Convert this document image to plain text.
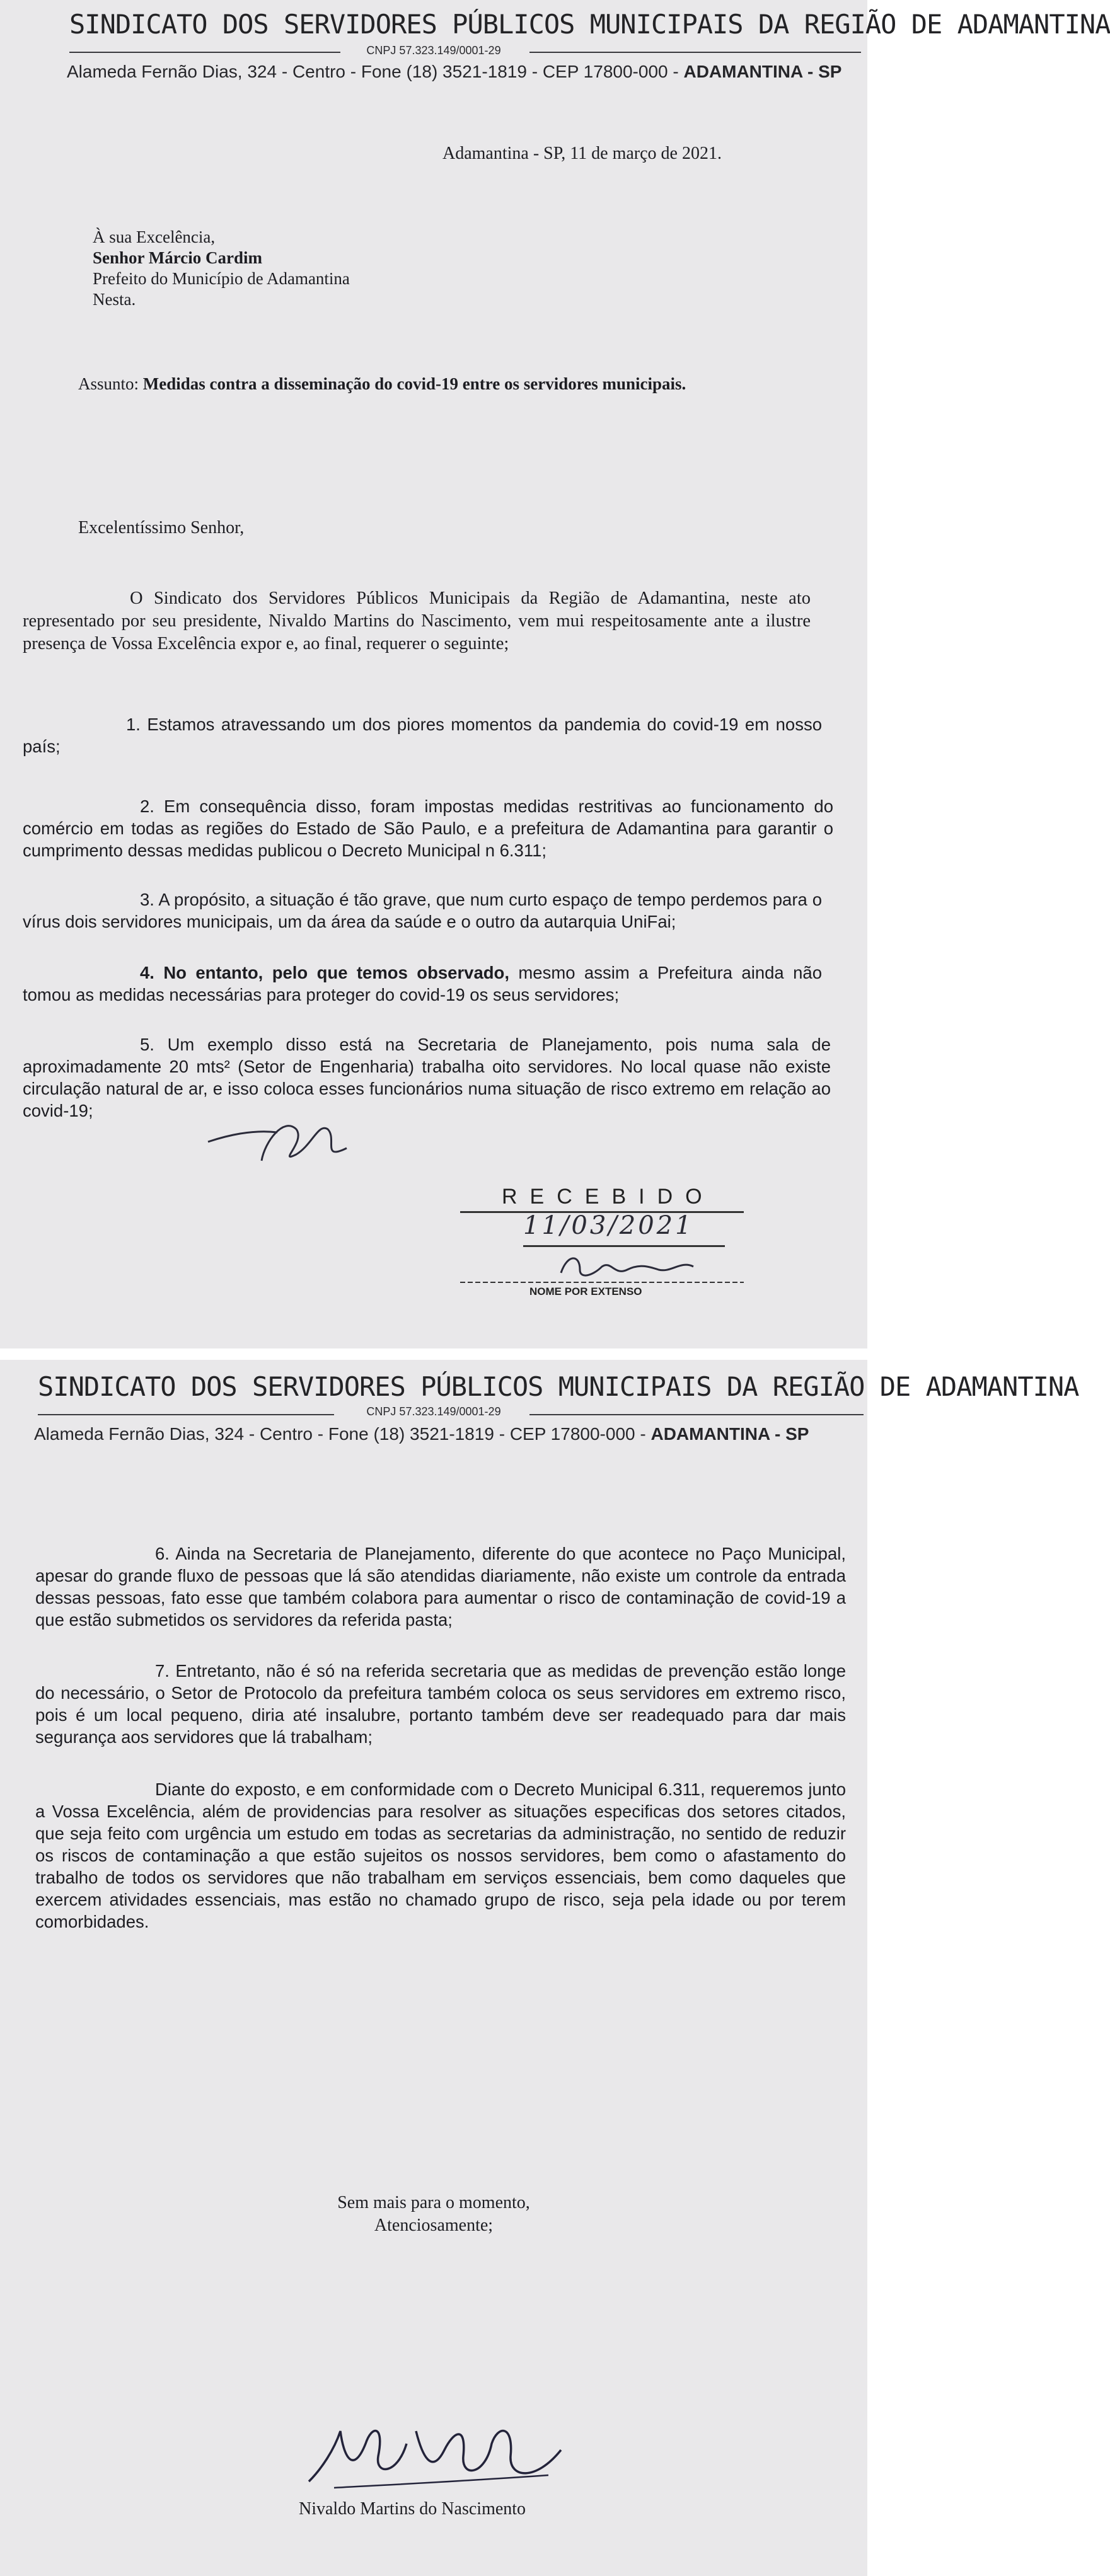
SINDICATO DOS SERVIDORES PÚBLICOS MUNICIPAIS DA REGIÃO DE ADAMANTINA
CNPJ 57.323.149/0001-29
Alameda Fernão Dias, 324 - Centro - Fone (18) 3521-1819 - CEP 17800-000 - ADAMANTINA - SP
Adamantina - SP, 11 de março de 2021.
À sua Excelência,
Senhor Márcio Cardim
Prefeito do Município de Adamantina
Nesta.
Assunto: Medidas contra a disseminação do covid-19 entre os servidores municipais.
Excelentíssimo Senhor,
O Sindicato dos Servidores Públicos Municipais da Região de Adamantina, neste ato representado por seu presidente, Nivaldo Martins do Nascimento, vem mui respeitosamente ante a ilustre presença de Vossa Excelência expor e, ao final, requerer o seguinte;
1. Estamos atravessando um dos piores momentos da pandemia do covid-19 em nosso país;
2. Em consequência disso, foram impostas medidas restritivas ao funcionamento do comércio em todas as regiões do Estado de São Paulo, e a prefeitura de Adamantina para garantir o cumprimento dessas medidas publicou o Decreto Municipal n 6.311;
3. A propósito, a situação é tão grave, que num curto espaço de tempo perdemos para o vírus dois servidores municipais, um da área da saúde e o outro da autarquia UniFai;
4. No entanto, pelo que temos observado, mesmo assim a Prefeitura ainda não tomou as medidas necessárias para proteger do covid-19 os seus servidores;
5. Um exemplo disso está na Secretaria de Planejamento, pois numa sala de aproximadamente 20 mts² (Setor de Engenharia) trabalha oito servidores. No local quase não existe circulação natural de ar, e isso coloca esses funcionários numa situação de risco extremo em relação ao covid-19;
RECEBIDO
11/03/2021
NOME POR EXTENSO
SINDICATO DOS SERVIDORES PÚBLICOS MUNICIPAIS DA REGIÃO DE ADAMANTINA
CNPJ 57.323.149/0001-29
Alameda Fernão Dias, 324 - Centro - Fone (18) 3521-1819 - CEP 17800-000 - ADAMANTINA - SP
6. Ainda na Secretaria de Planejamento, diferente do que acontece no Paço Municipal, apesar do grande fluxo de pessoas que lá são atendidas diariamente, não existe um controle da entrada dessas pessoas, fato esse que também colabora para aumentar o risco de contaminação de covid-19 a que estão submetidos os servidores da referida pasta;
7. Entretanto, não é só na referida secretaria que as medidas de prevenção estão longe do necessário, o Setor de Protocolo da prefeitura também coloca os seus servidores em extremo risco, pois é um local pequeno, diria até insalubre, portanto também deve ser readequado para dar mais segurança aos servidores que lá trabalham;
Diante do exposto, e em conformidade com o Decreto Municipal 6.311, requeremos junto a Vossa Excelência, além de providencias para resolver as situações especificas dos setores citados, que seja feito com urgência um estudo em todas as secretarias da administração, no sentido de reduzir os riscos de contaminação a que estão sujeitos os nossos servidores, bem como o afastamento do trabalho de todos os servidores que não trabalham em serviços essenciais, bem como daqueles que exercem atividades essenciais, mas estão no chamado grupo de risco, seja pela idade ou por terem comorbidades.
Sem mais para o momento,
Atenciosamente;
Nivaldo Martins do Nascimento
